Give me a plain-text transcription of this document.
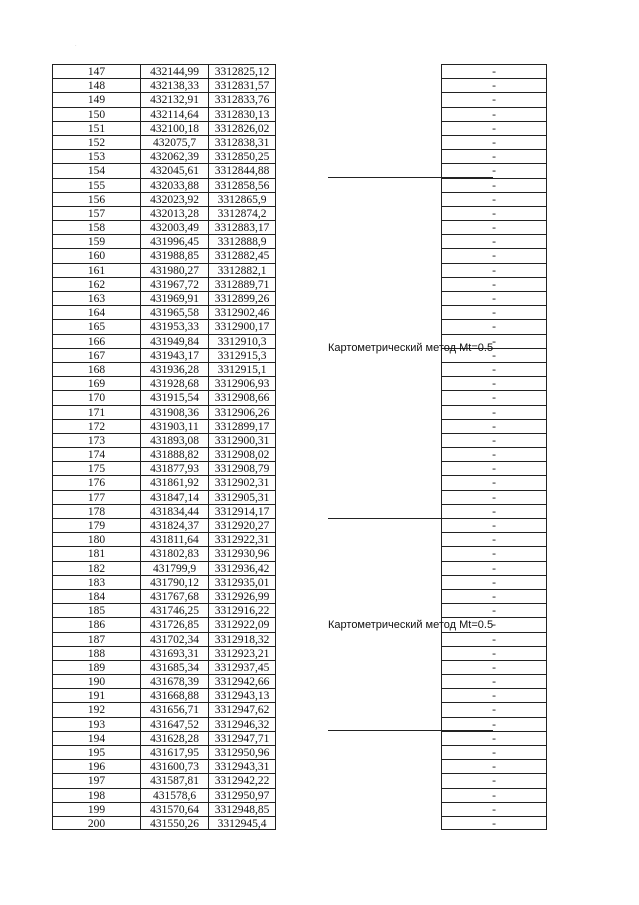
·
147	432144,99	3312825,12	-
148	432138,33	3312831,57	-
149	432132,91	3312833,76	-
150	432114,64	3312830,13	-
151	432100,18	3312826,02	-
152	432075,7	3312838,31	-
153	432062,39	3312850,25	-
154	432045,61	3312844,88	-
155	432033,88	3312858,56	-
156	432023,92	3312865,9	-
157	432013,28	3312874,2	-
158	432003,49	3312883,17	-
159	431996,45	3312888,9	-
160	431988,85	3312882,45	-
161	431980,27	3312882,1	-
162	431967,72	3312889,71	-
163	431969,91	3312899,26	-
164	431965,58	3312902,46	-
165	431953,33	3312900,17	-
166	431949,84	3312910,3	-
167	431943,17	3312915,3	-
168	431936,28	3312915,1	-
169	431928,68	3312906,93	-
170	431915,54	3312908,66	-
171	431908,36	3312906,26	-
172	431903,11	3312899,17	-
173	431893,08	3312900,31	-
174	431888,82	3312908,02	-
175	431877,93	3312908,79	-
176	431861,92	3312902,31	-
177	431847,14	3312905,31	-
178	431834,44	3312914,17	-
179	431824,37	3312920,27	-
180	431811,64	3312922,31	-
181	431802,83	3312930,96	-
182	431799,9	3312936,42	-
183	431790,12	3312935,01	-
184	431767,68	3312926,99	-
185	431746,25	3312916,22	-
186	431726,85	3312922,09	-
187	431702,34	3312918,32	-
188	431693,31	3312923,21	-
189	431685,34	3312937,45	-
190	431678,39	3312942,66	-
191	431668,88	3312943,13	-
192	431656,71	3312947,62	-
193	431647,52	3312946,32	-
194	431628,28	3312947,71	-
195	431617,95	3312950,96	-
196	431600,73	3312943,31	-
197	431587,81	3312942,22	-
198	431578,6	3312950,97	-
199	431570,64	3312948,85	-
200	431550,26	3312945,4	-
Картометрический метод Mt=0.5
Картометрический метод Mt=0.5
